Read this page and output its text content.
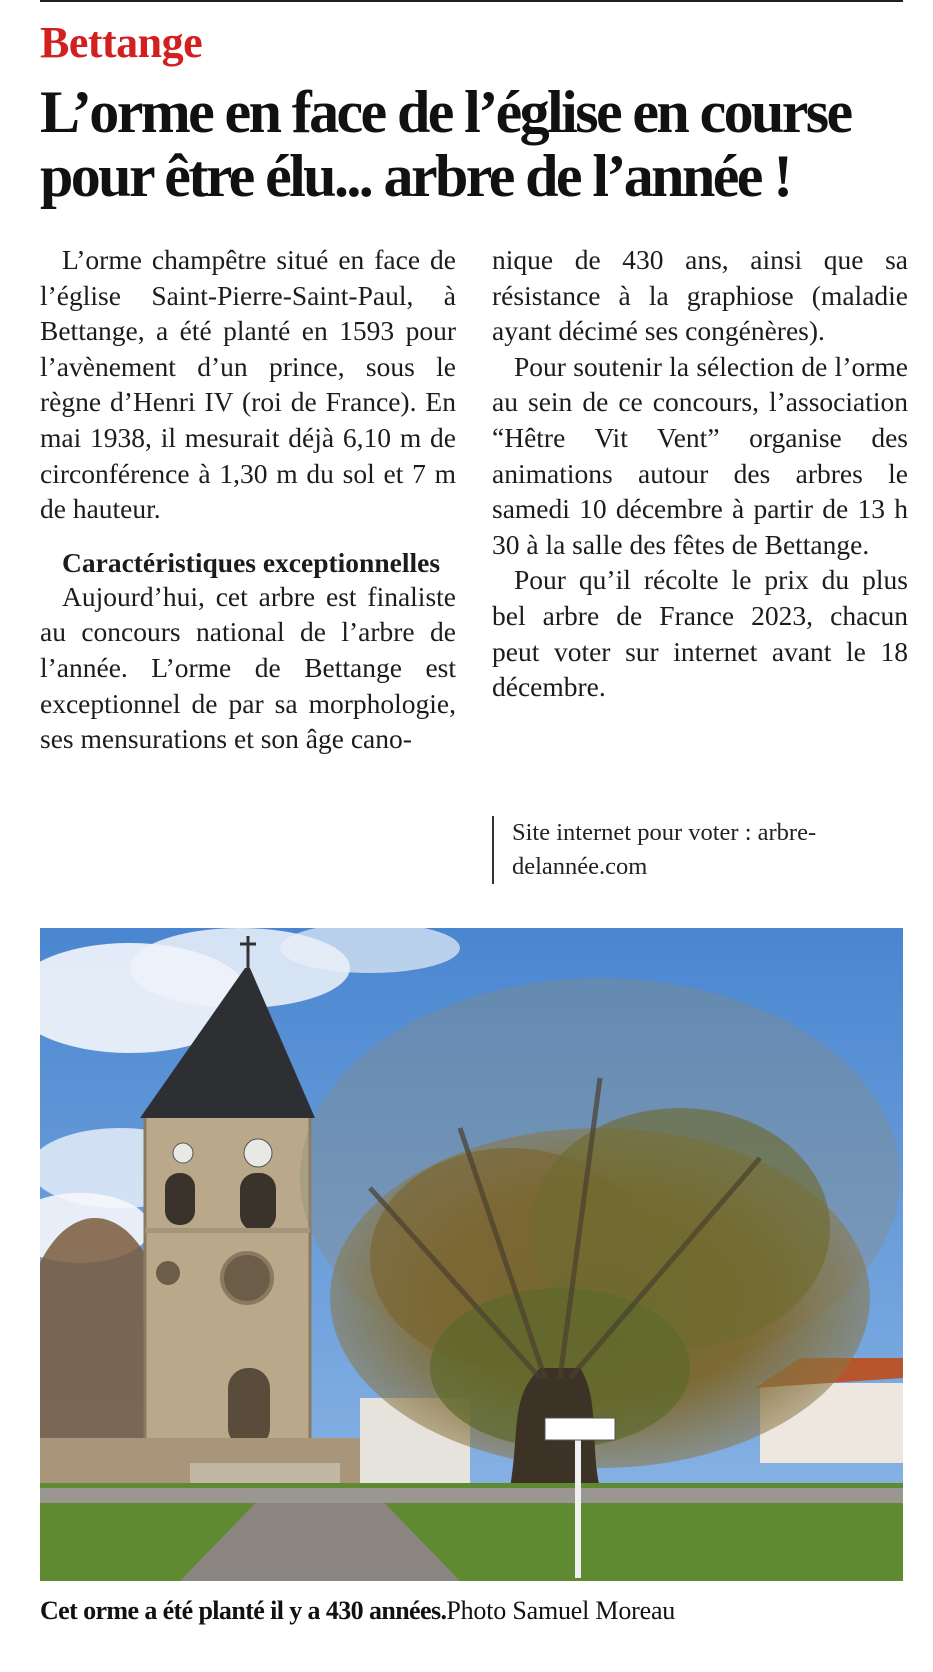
Bettange
L’orme en face de l’église en course pour être élu... arbre de l’année !

L’orme champêtre situé en face de l’église Saint-Pierre-Saint-Paul, à Bettange, a été planté en 1593 pour l’avènement d’un prince, sous le règne d’Henri IV (roi de France). En mai 1938, il mesurait déjà 6,10 m de circonférence à 1,30 m du sol et 7 m de hauteur.

Caractéristiques exceptionnelles

Aujourd’hui, cet arbre est finaliste au concours national de l’arbre de l’année. L’orme de Bettange est exceptionnel de par sa morphologie, ses mensurations et son âge cano-

nique de 430 ans, ainsi que sa résistance à la graphiose (maladie ayant décimé ses congénères).

Pour soutenir la sélection de l’orme au sein de ce concours, l’association “Hêtre Vit Vent” organise des animations autour des arbres le samedi 10 décembre à partir de 13 h 30 à la salle des fêtes de Bettange.

Pour qu’il récolte le prix du plus bel arbre de France 2023, chacun peut voter sur internet avant le 18 décembre.

Site internet pour voter : arbre-delannée.com
Cet orme a été planté il y a 430 années.Photo Samuel Moreau
